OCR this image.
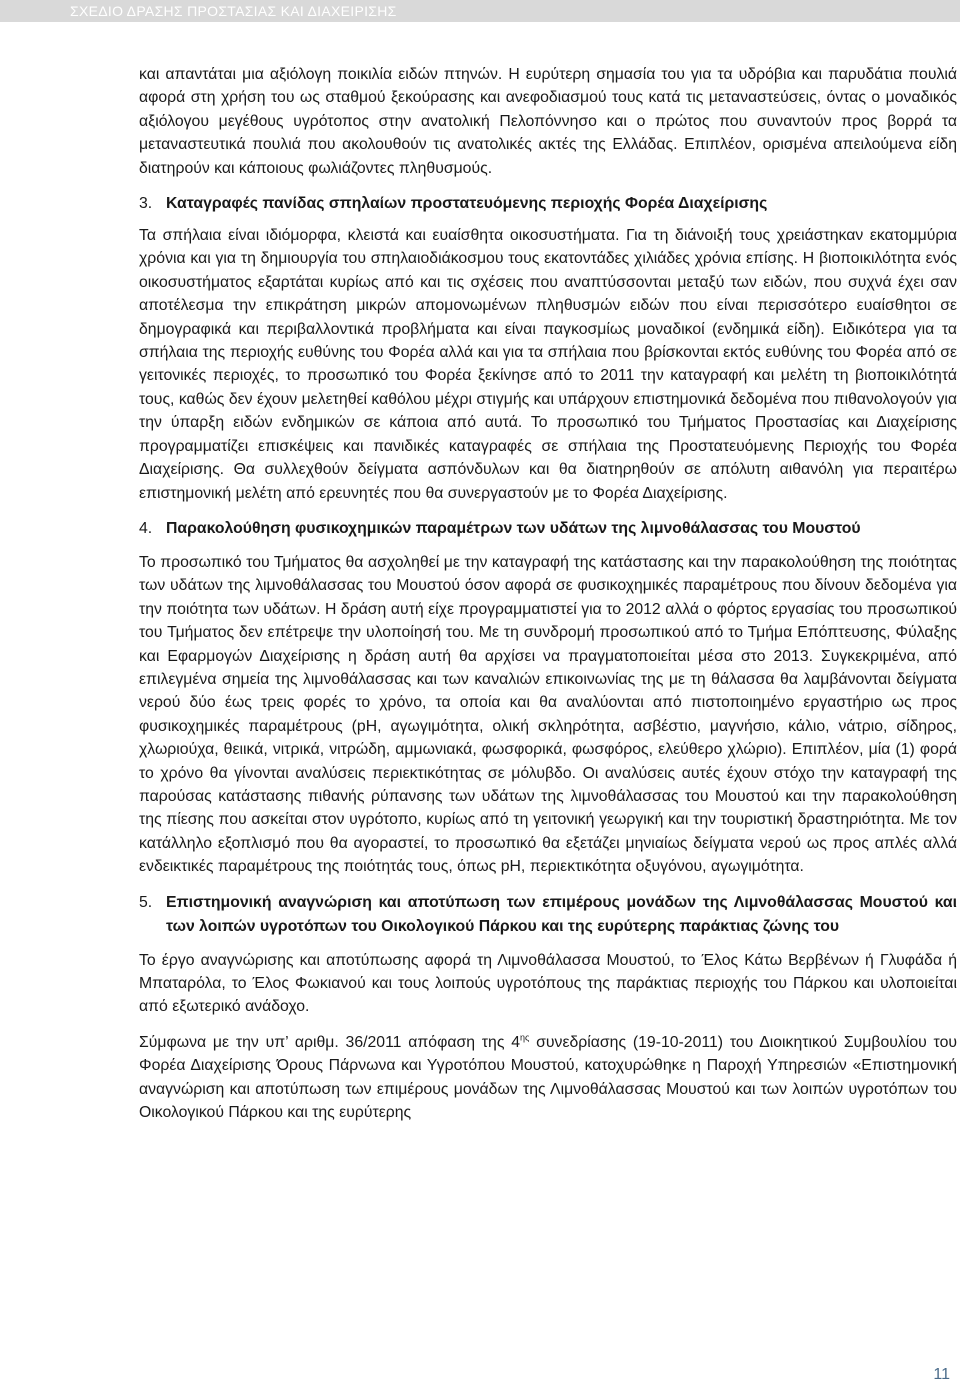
ΣΧΕΔΙΟ ΔΡΑΣΗΣ ΠΡΟΣΤΑΣΙΑΣ ΚΑΙ ΔΙΑΧΕΙΡΙΣΗΣ

και απαντάται μια αξιόλογη ποικιλία ειδών πτηνών. Η ευρύτερη σημασία του για τα υδρόβια και παρυδάτια πουλιά αφορά στη χρήση του ως σταθμού ξεκούρασης και ανεφοδιασμού τους κατά τις μεταναστεύσεις, όντας ο μοναδικός αξιόλογου μεγέθους υγρότοπος στην ανατολική Πελοπόννησο και ο πρώτος που συναντούν προς βορρά τα μεταναστευτικά πουλιά που ακολουθούν τις ανατολικές ακτές της Ελλάδας. Επιπλέον, ορισμένα απειλούμενα είδη διατηρούν και κάποιους φωλιάζοντες πληθυσμούς.

3. Καταγραφές πανίδας σπηλαίων προστατευόμενης περιοχής Φορέα Διαχείρισης

Τα σπήλαια είναι ιδιόμορφα, κλειστά και ευαίσθητα οικοσυστήματα. Για τη διάνοιξή τους χρειάστηκαν εκατομμύρια χρόνια και για τη δημιουργία του σπηλαιοδιάκοσμου τους εκατοντάδες χιλιάδες χρόνια επίσης. Η βιοποικιλότητα ενός οικοσυστήματος εξαρτάται κυρίως από και τις σχέσεις που αναπτύσσονται μεταξύ των ειδών, που συχνά έχει σαν αποτέλεσμα την επικράτηση μικρών απομονωμένων πληθυσμών ειδών που είναι περισσότερο ευαίσθητοι σε δημογραφικά και περιβαλλοντικά προβλήματα και είναι παγκοσμίως μοναδικοί (ενδημικά είδη). Ειδικότερα για τα σπήλαια της περιοχής ευθύνης του Φορέα αλλά και για τα σπήλαια που βρίσκονται εκτός ευθύνης του Φορέα από σε γειτονικές περιοχές, το προσωπικό του Φορέα ξεκίνησε από το 2011 την καταγραφή και μελέτη τη βιοποικιλότητά τους, καθώς δεν έχουν μελετηθεί καθόλου μέχρι στιγμής και υπάρχουν επιστημονικά δεδομένα που πιθανολογούν για την ύπαρξη ειδών ενδημικών σε κάποια από αυτά. Το προσωπικό του Τμήματος Προστασίας και Διαχείρισης προγραμματίζει επισκέψεις και πανιδικές καταγραφές σε σπήλαια της Προστατευόμενης Περιοχής του Φορέα Διαχείρισης. Θα συλλεχθούν δείγματα ασπόνδυλων και θα διατηρηθούν σε απόλυτη αιθανόλη για περαιτέρω επιστημονική μελέτη από ερευνητές που θα συνεργαστούν με το Φορέα Διαχείρισης.

4. Παρακολούθηση φυσικοχημικών παραμέτρων των υδάτων της λιμνοθάλασσας του Μουστού

Το προσωπικό του Τμήματος θα ασχοληθεί με την καταγραφή της κατάστασης και την παρακολούθηση της ποιότητας των υδάτων της λιμνοθάλασσας του Μουστού όσον αφορά σε φυσικοχημικές παραμέτρους που δίνουν δεδομένα για την ποιότητα των υδάτων. Η δράση αυτή είχε προγραμματιστεί για το 2012 αλλά ο φόρτος εργασίας του προσωπικού του Τμήματος δεν επέτρεψε την υλοποίησή του. Με τη συνδρομή προσωπικού από το Τμήμα Επόπτευσης, Φύλαξης και Εφαρμογών Διαχείρισης η δράση αυτή θα αρχίσει να πραγματοποιείται μέσα στο 2013. Συγκεκριμένα, από επιλεγμένα σημεία της λιμνοθάλασσας και των καναλιών επικοινωνίας της με τη θάλασσα θα λαμβάνονται δείγματα νερού δύο έως τρεις φορές το χρόνο, τα οποία και θα αναλύονται από πιστοποιημένο εργαστήριο ως προς φυσικοχημικές παραμέτρους (pH, αγωγιμότητα, ολική σκληρότητα, ασβέστιο, μαγνήσιο, κάλιο, νάτριο, σίδηρος, χλωριούχα, θειικά, νιτρικά, νιτρώδη, αμμωνιακά, φωσφορικά, φωσφόρος, ελεύθερο χλώριο). Επιπλέον, μία (1) φορά το χρόνο θα γίνονται αναλύσεις περιεκτικότητας σε μόλυβδο. Οι αναλύσεις αυτές έχουν στόχο την καταγραφή της παρούσας κατάστασης πιθανής ρύπανσης των υδάτων της λιμνοθάλασσας του Μουστού και την παρακολούθηση της πίεσης που ασκείται στον υγρότοπο, κυρίως από τη γειτονική γεωργική και την τουριστική δραστηριότητα. Με τον κατάλληλο εξοπλισμό που θα αγοραστεί, το προσωπικό θα εξετάζει μηνιαίως δείγματα νερού ως προς απλές αλλά ενδεικτικές παραμέτρους της ποιότητάς τους, όπως pH, περιεκτικότητα οξυγόνου, αγωγιμότητα.

5. Επιστημονική αναγνώριση και αποτύπωση των επιμέρους μονάδων της Λιμνοθάλασσας Μουστού και των λοιπών υγροτόπων του Οικολογικού Πάρκου και της ευρύτερης παράκτιας ζώνης του

Το έργο αναγνώρισης και αποτύπωσης αφορά τη Λιμνοθάλασσα Μουστού, το Έλος Κάτω Βερβένων ή Γλυφάδα ή Μπαταρόλα, το Έλος Φωκιανού και τους λοιπούς υγροτόπους της παράκτιας περιοχής του Πάρκου και υλοποιείται από εξωτερικό ανάδοχο.

Σύμφωνα με την υπ’ αριθμ. 36/2011 απόφαση της $4^{\eta\varsigma}$ συνεδρίασης (19-10-2011) του Διοικητικού Συμβουλίου του Φορέα Διαχείρισης Όρους Πάρνωνα και Υγροτόπου Μουστού, κατοχυρώθηκε η Παροχή Υπηρεσιών «Επιστημονική αναγνώριση και αποτύπωση των επιμέρους μονάδων της Λιμνοθάλασσας Μουστού και των λοιπών υγροτόπων του Οικολογικού Πάρκου και της ευρύτερης

11
